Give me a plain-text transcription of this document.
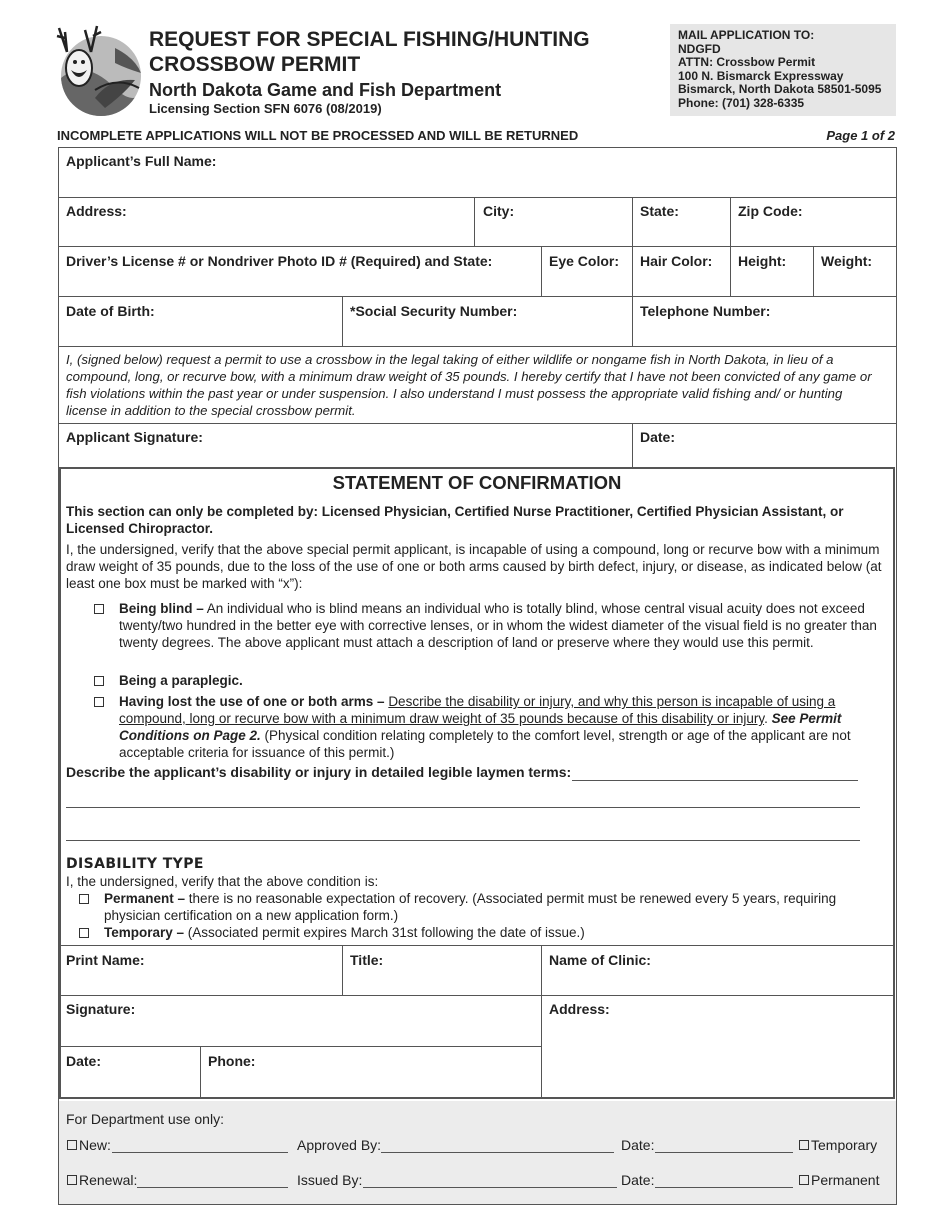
REQUEST FOR SPECIAL FISHING/HUNTING
CROSSBOW PERMIT
North Dakota Game and Fish Department
Licensing Section SFN 6076 (08/2019)
MAIL APPLICATION TO:
NDGFD
ATTN: Crossbow Permit
100 N. Bismarck Expressway
Bismarck, North Dakota 58501-5095
Phone: (701) 328-6335
INCOMPLETE APPLICATIONS WILL NOT BE PROCESSED AND WILL BE RETURNED	Page 1 of 2
Applicant’s Full Name:
Address:	City:	State:	Zip Code:
Driver’s License # or Nondriver Photo ID # (Required) and State:	Eye Color: Hair Color: Height: Weight:
Date of Birth:	*Social Security Number:	Telephone Number:
I, (signed below) request a permit to use a crossbow in the legal taking of either wildlife or nongame fish in North Dakota, in lieu of a compound, long, or recurve bow, with a minimum draw weight of 35 pounds. I hereby certify that I have not been convicted of any game or fish violations within the past year or under suspension. I also understand I must possess the appropriate valid fishing and/ or hunting license in addition to the special crossbow permit.
Applicant Signature:	Date:
STATEMENT OF CONFIRMATION
This section can only be completed by: Licensed Physician, Certified Nurse Practitioner, Certified Physician Assistant, or Licensed Chiropractor.
I, the undersigned, verify that the above special permit applicant, is incapable of using a compound, long or recurve bow with a minimum draw weight of 35 pounds, due to the loss of the use of one or both arms caused by birth defect, injury, or disease, as indicated below (at least one box must be marked with “x”):
Being blind – An individual who is blind means an individual who is totally blind, whose central visual acuity does not exceed twenty/two hundred in the better eye with corrective lenses, or in whom the widest diameter of the visual field is no greater than twenty degrees. The above applicant must attach a description of land or preserve where they would use this permit.
Being a paraplegic.
Having lost the use of one or both arms – Describe the disability or injury, and why this person is incapable of using a compound, long or recurve bow with a minimum draw weight of 35 pounds because of this disability or injury. See Permit Conditions on Page 2. (Physical condition relating completely to the comfort level, strength or age of the applicant are not acceptable criteria for issuance of this permit.)
Describe the applicant’s disability or injury in detailed legible laymen terms:
DISABILITY TYPE
I, the undersigned, verify that the above condition is:
Permanent – there is no reasonable expectation of recovery. (Associated permit must be renewed every 5 years, requiring physician certification on a new application form.)
Temporary – (Associated permit expires March 31st following the date of issue.)
Print Name:	Title:	Name of Clinic:
Signature:	Address:
Date:	Phone:
For Department use only:
New:	Approved By:	Date:	Temporary
Renewal:	Issued By:	Date:	Permanent
